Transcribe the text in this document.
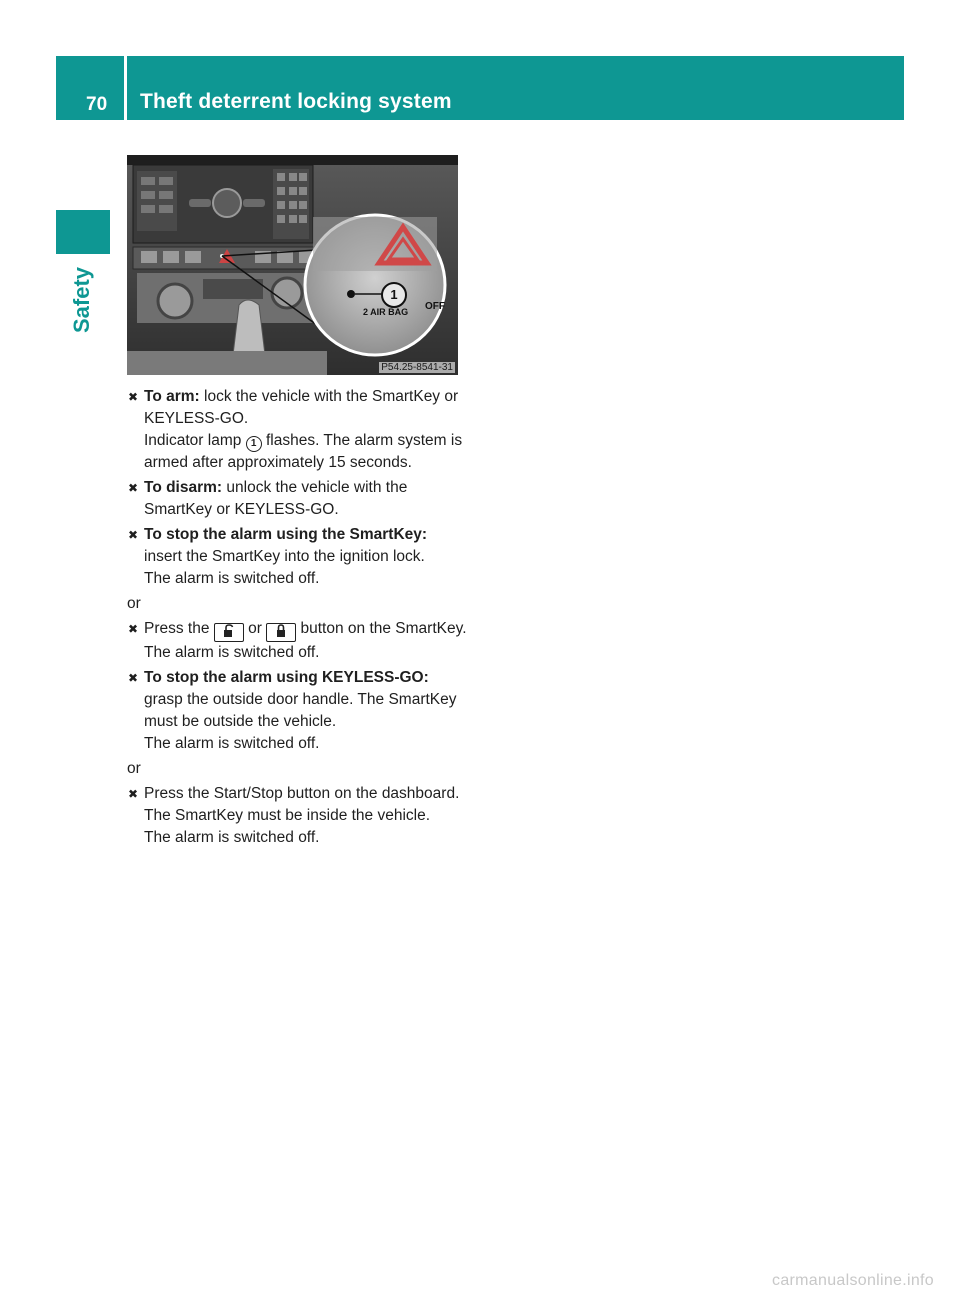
70 Theft deterrent locking system
Safety	1
2 AIR BAG OFF
P54.25-8541-31
✖ To arm: lock the vehicle with the SmartKey or KEYLESS-GO.
Indicator lamp 1 flashes. The alarm system is armed after approximately 15 seconds.
✖ To disarm: unlock the vehicle with the SmartKey or KEYLESS-GO.
✖ To stop the alarm using the SmartKey:
insert the SmartKey into the ignition lock.
The alarm is switched off.
or
✖ Press the  or  button on the SmartKey.
The alarm is switched off.
✖ To stop the alarm using KEYLESS-GO:
grasp the outside door handle. The SmartKey must be outside the vehicle.
The alarm is switched off.
or
✖ Press the Start/Stop button on the dashboard. The SmartKey must be inside the vehicle.
The alarm is switched off.
carmanualsonline.info
